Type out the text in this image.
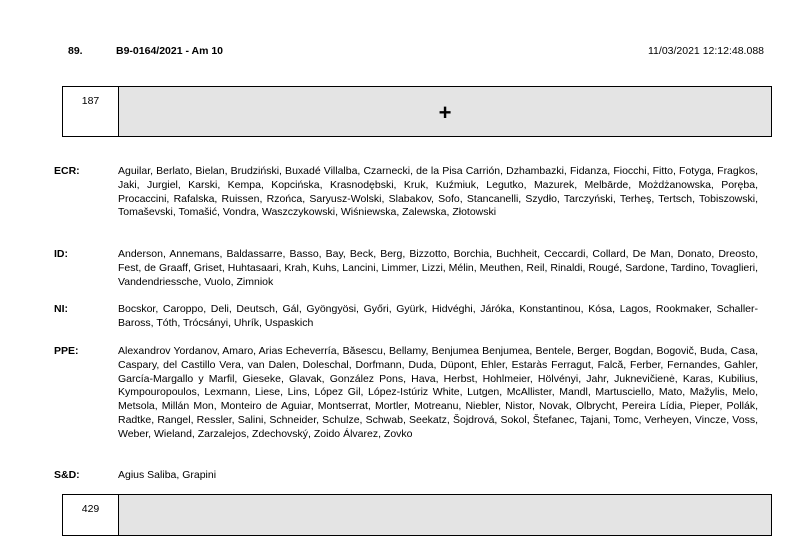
89.	B9-0164/2021 - Am 10	11/03/2021 12:12:48.088
187	+
ECR:	Aguilar, Berlato, Bielan, Brudziński, Buxadé Villalba, Czarnecki, de la Pisa Carrión, Dzhambazki, Fidanza, Fiocchi, Fitto, Fotyga, Fragkos, Jaki, Jurgiel, Karski, Kempa, Kopcińska, Krasnodębski, Kruk, Kuźmiuk, Legutko, Mazurek, Melbārde, Możdżanowska, Poręba, Procaccini, Rafalska, Ruissen, Rzońca, Saryusz-Wolski, Slabakov, Sofo, Stancanelli, Szydło, Tarczyński, Terheş, Tertsch, Tobiszowski, Tomaševski, Tomašić, Vondra, Waszczykowski, Wiśniewska, Zalewska, Złotowski
ID:	Anderson, Annemans, Baldassarre, Basso, Bay, Beck, Berg, Bizzotto, Borchia, Buchheit, Ceccardi, Collard, De Man, Donato, Dreosto, Fest, de Graaff, Griset, Huhtasaari, Krah, Kuhs, Lancini, Limmer, Lizzi, Mélin, Meuthen, Reil, Rinaldi, Rougé, Sardone, Tardino, Tovaglieri, Vandendriessche, Vuolo, Zimniok
NI:	Bocskor, Caroppo, Deli, Deutsch, Gál, Gyöngyösi, Győri, Gyürk, Hidvéghi, Járóka, Konstantinou, Kósa, Lagos, Rookmaker, Schaller-Baross, Tóth, Trócsányi, Uhrík, Uspaskich
PPE:	Alexandrov Yordanov, Amaro, Arias Echeverría, Băsescu, Bellamy, Benjumea Benjumea, Bentele, Berger, Bogdan, Bogovič, Buda, Casa, Caspary, del Castillo Vera, van Dalen, Doleschal, Dorfmann, Duda, Düpont, Ehler, Estaràs Ferragut, Falcă, Ferber, Fernandes, Gahler, García-Margallo y Marfil, Gieseke, Glavak, González Pons, Hava, Herbst, Hohlmeier, Hölvényi, Jahr, Juknevičienė, Karas, Kubilius, Kympouropoulos, Lexmann, Liese, Lins, López Gil, López-Istúriz White, Lutgen, McAllister, Mandl, Martusciello, Mato, Mažylis, Melo, Metsola, Millán Mon, Monteiro de Aguiar, Montserrat, Mortler, Motreanu, Niebler, Nistor, Novak, Olbrycht, Pereira Lídia, Pieper, Pollák, Radtke, Rangel, Ressler, Salini, Schneider, Schulze, Schwab, Seekatz, Šojdrová, Sokol, Štefanec, Tajani, Tomc, Verheyen, Vincze, Voss, Weber, Wieland, Zarzalejos, Zdechovský, Zoido Álvarez, Zovko
S&D:	Agius Saliba, Grapini
429
